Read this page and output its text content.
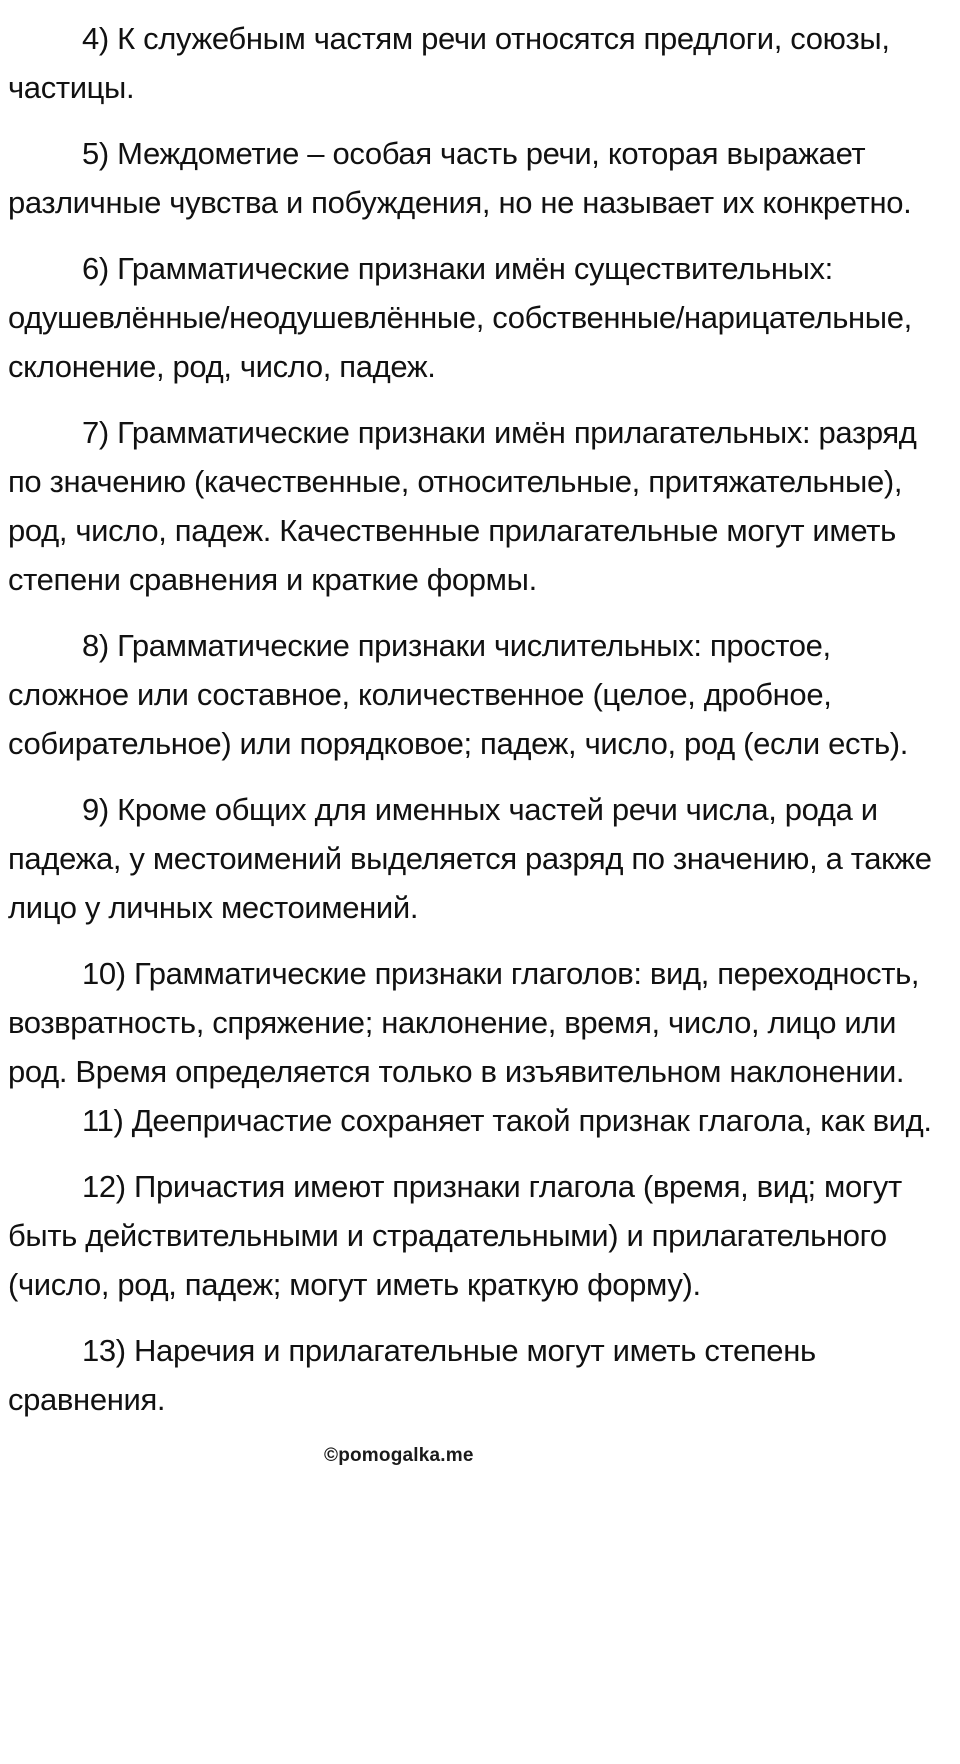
4) К служебным частям речи относятся предлоги, союзы, частицы.

5) Междометие – особая часть речи, которая выражает различные чувства и побуждения, но не называет их конкретно.

6) Грамматические признаки имён существительных: одушевлённые/неодушевлённые, собственные/нарицательные, склонение, род, число, падеж.

7) Грамматические признаки имён прилагательных: разряд по значению (качественные, относительные, притяжательные), род, число, падеж. Качественные прилагательные могут иметь степени сравнения и краткие формы.

8) Грамматические признаки числительных: простое, сложное или составное, количественное (целое, дробное, собирательное) или порядковое; падеж, число, род (если есть).

9) Кроме общих для именных частей речи числа, рода и падежа, у местоимений выделяется разряд по значению, а также лицо у личных местоимений.

10) Грамматические признаки глаголов: вид, переходность, возвратность, спряжение; наклонение, время, число, лицо или род. Время определяется только в изъявительном наклонении.

11) Деепричастие сохраняет такой признак глагола, как вид.

12) Причастия имеют признаки глагола (время, вид; могут быть действительными и страдательными) и прилагательного (число, род, падеж; могут иметь краткую форму).

13) Наречия и прилагательные могут иметь степень сравнения.

©pomogalka.me
